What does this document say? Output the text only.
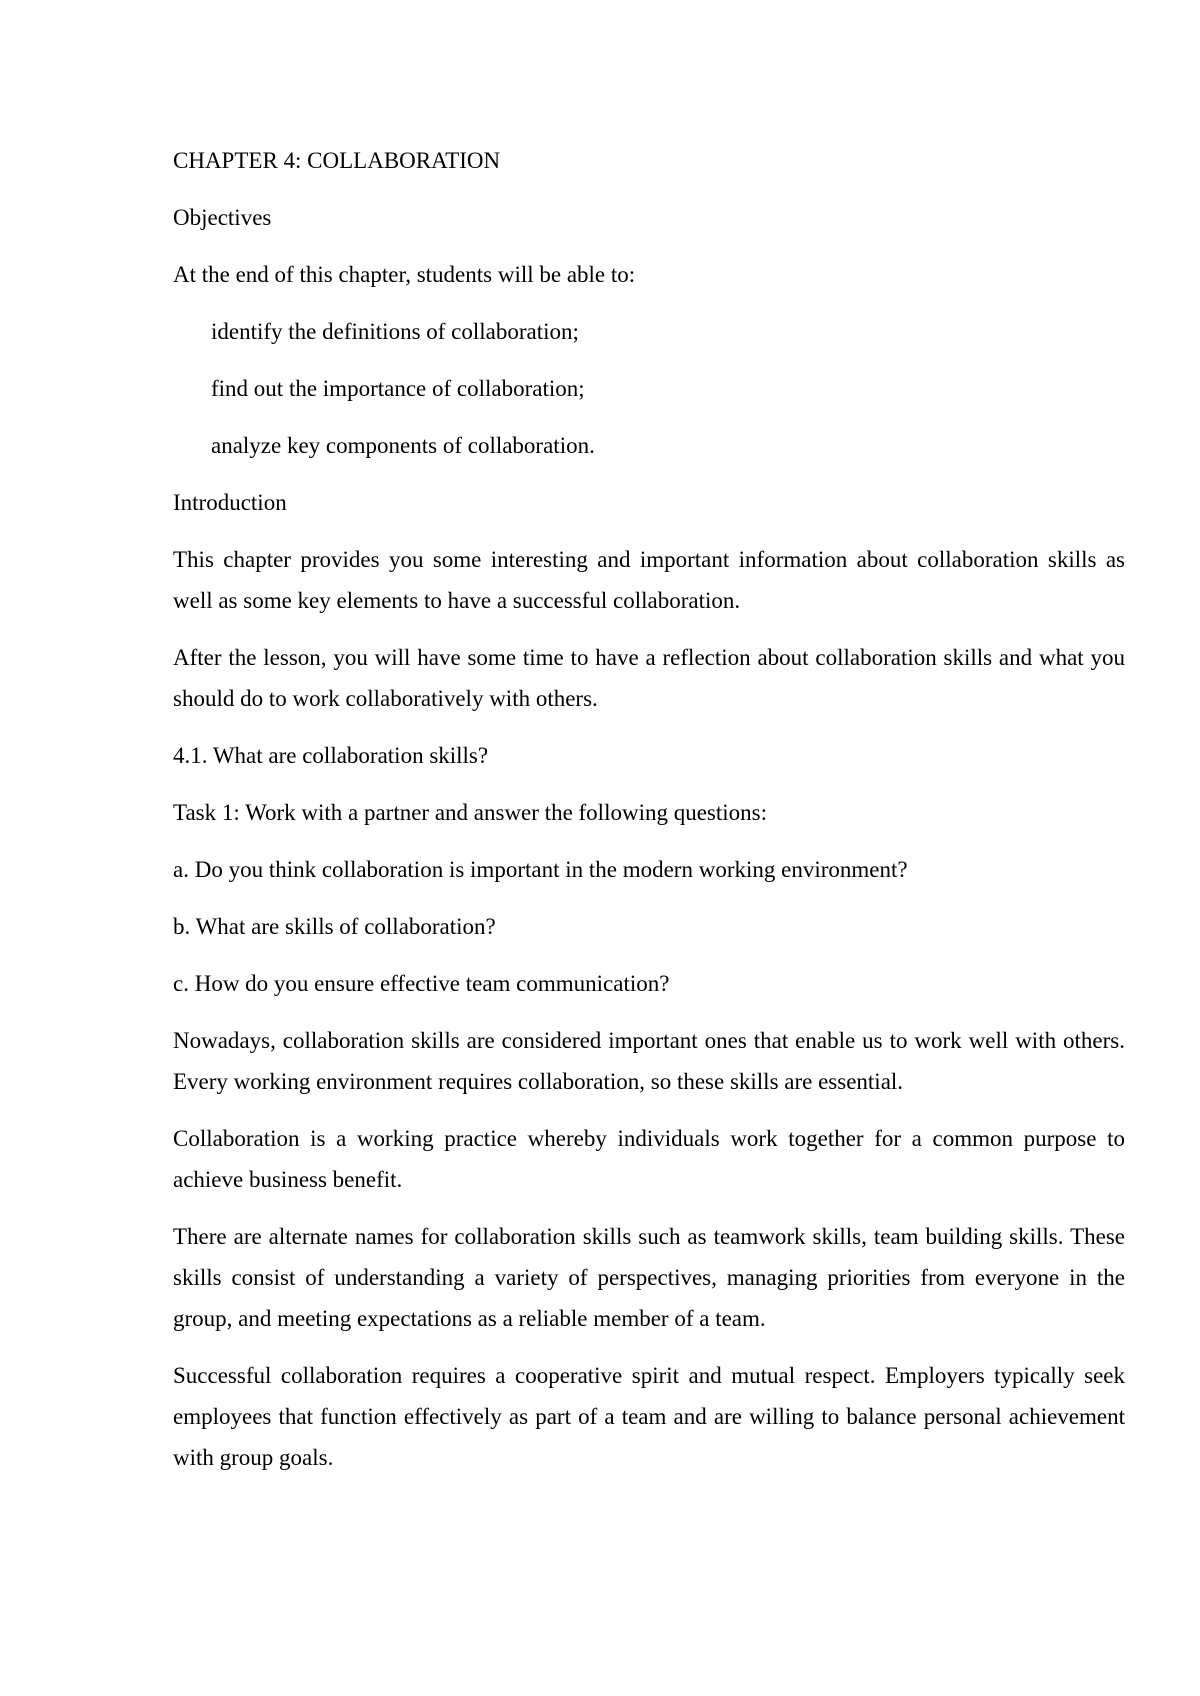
CHAPTER 4: COLLABORATION

Objectives

At the end of this chapter, students will be able to:

identify the definitions of collaboration;

find out the importance of collaboration;

analyze key components of collaboration.

Introduction

This chapter provides you some interesting and important information about collaboration skills as well as some key elements to have a successful collaboration.

After the lesson, you will have some time to have a reflection about collaboration skills and what you should do to work collaboratively with others.

4.1. What are collaboration skills?

Task 1: Work with a partner and answer the following questions:

a. Do you think collaboration is important in the modern working environment?

b. What are skills of collaboration?

c. How do you ensure effective team communication?

Nowadays, collaboration skills are considered important ones that enable us to work well with others. Every working environment requires collaboration, so these skills are essential.

Collaboration is a working practice whereby individuals work together for a common purpose to achieve business benefit.

There are alternate names for collaboration skills such as teamwork skills, team building skills. These skills consist of understanding a variety of perspectives, managing priorities from everyone in the group, and meeting expectations as a reliable member of a team.

Successful collaboration requires a cooperative spirit and mutual respect. Employers typically seek employees that function effectively as part of a team and are willing to balance personal achievement with group goals.
